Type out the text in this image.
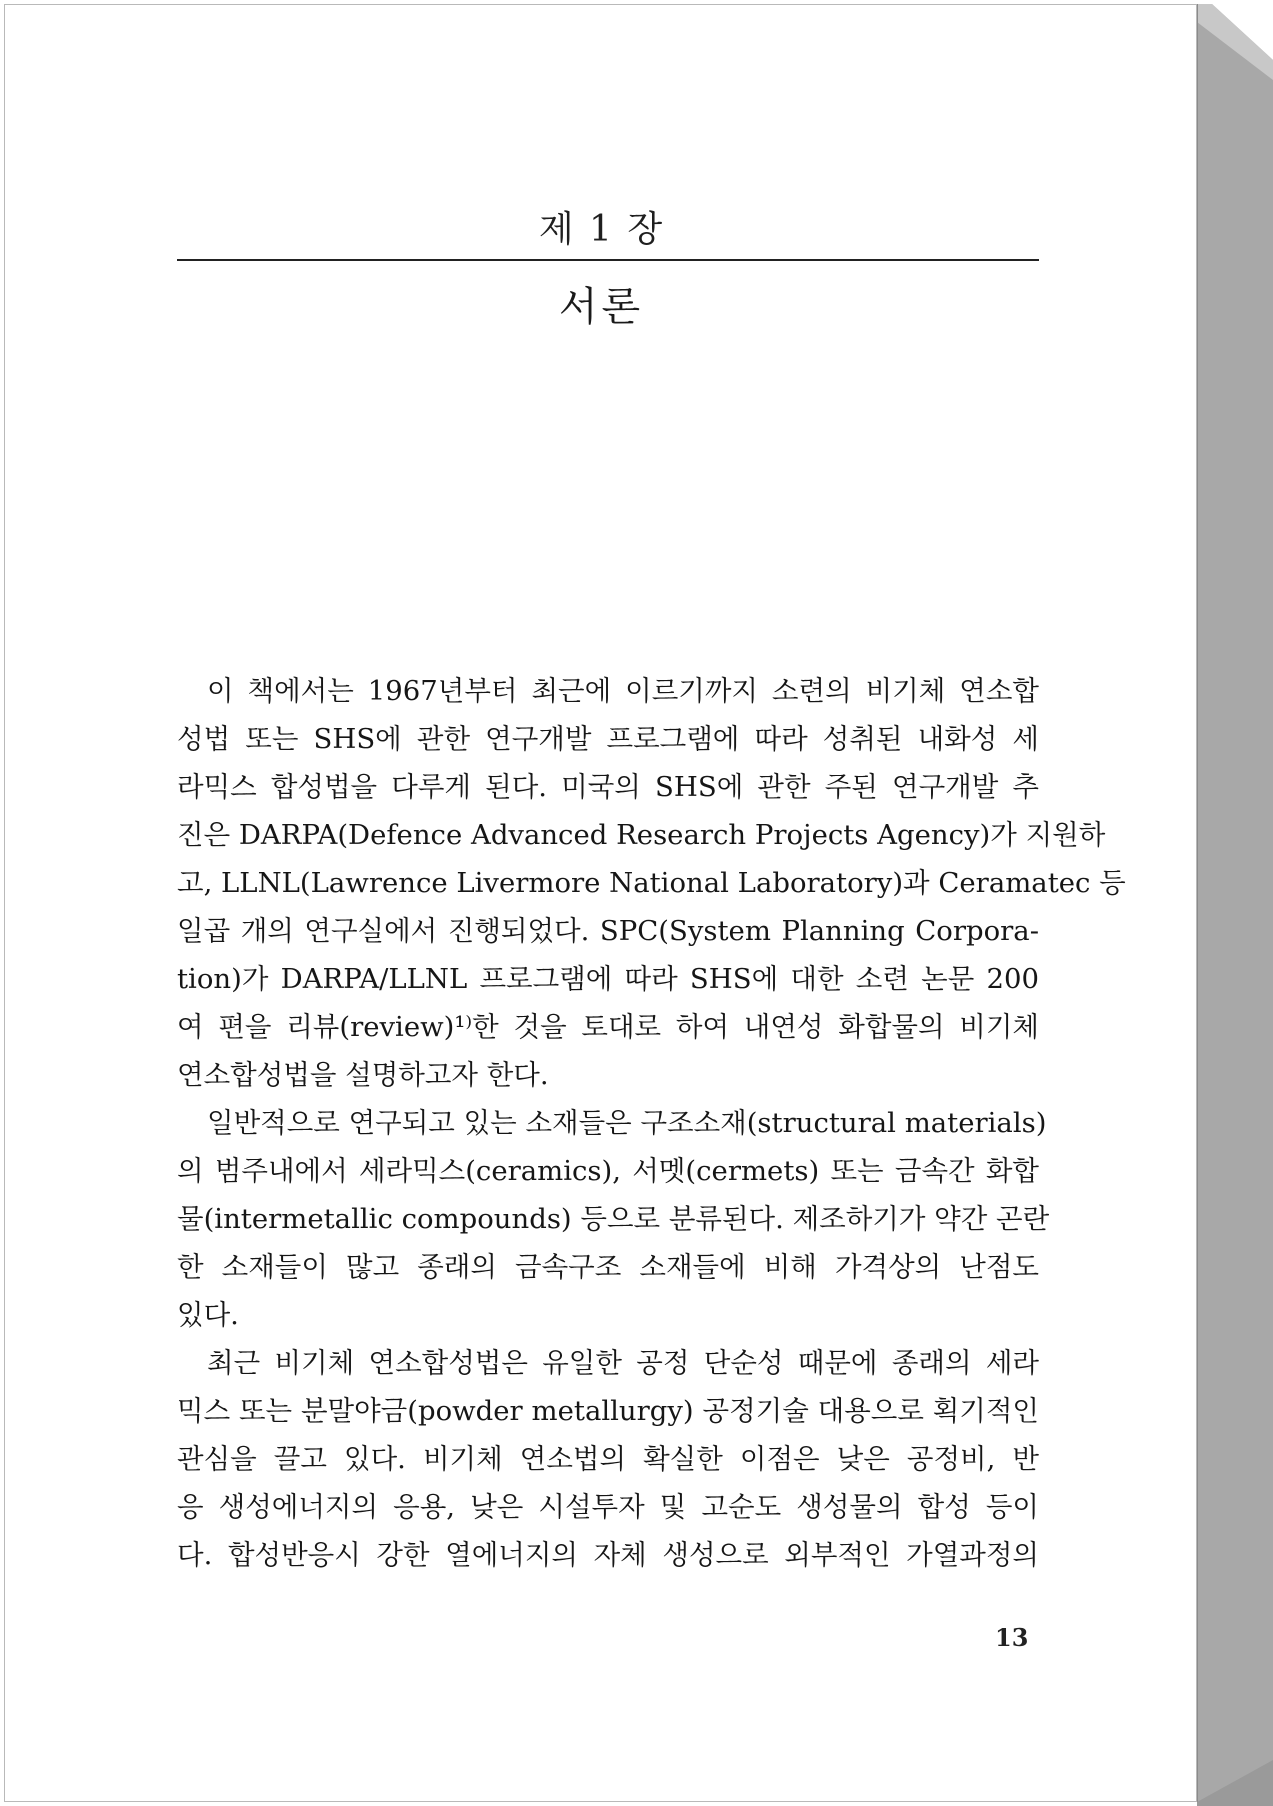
제 1 장
서론
이 책에서는 1967년부터 최근에 이르기까지 소련의 비기체 연소합
성법 또는 SHS에 관한 연구개발 프로그램에 따라 성취된 내화성 세
라믹스 합성법을 다루게 된다. 미국의 SHS에 관한 주된 연구개발 추
진은 DARPA(Defence Advanced Research Projects Agency)가 지원하
고, LLNL(Lawrence Livermore National Laboratory)과 Ceramatec 등
일곱 개의 연구실에서 진행되었다. SPC(System Planning Corpora-
tion)가 DARPA/LLNL 프로그램에 따라 SHS에 대한 소련 논문 200
여 편을 리뷰(review)¹⁾한 것을 토대로 하여 내연성 화합물의 비기체
연소합성법을 설명하고자 한다.
일반적으로 연구되고 있는 소재들은 구조소재(structural materials)
의 범주내에서 세라믹스(ceramics), 서멧(cermets) 또는 금속간 화합
물(intermetallic compounds) 등으로 분류된다. 제조하기가 약간 곤란
한 소재들이 많고 종래의 금속구조 소재들에 비해 가격상의 난점도
있다.
최근 비기체 연소합성법은 유일한 공정 단순성 때문에 종래의 세라
믹스 또는 분말야금(powder metallurgy) 공정기술 대용으로 획기적인
관심을 끌고 있다. 비기체 연소법의 확실한 이점은 낮은 공정비, 반
응 생성에너지의 응용, 낮은 시설투자 및 고순도 생성물의 합성 등이
다. 합성반응시 강한 열에너지의 자체 생성으로 외부적인 가열과정의
13
